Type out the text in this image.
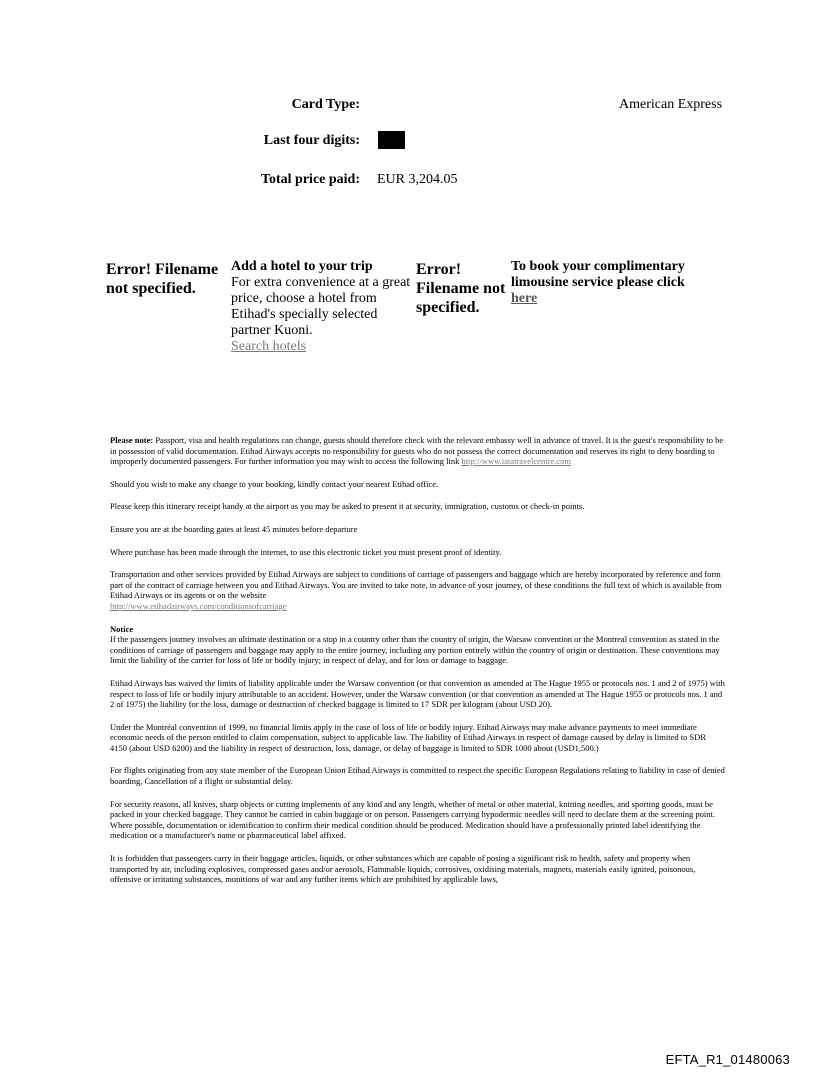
Card Type:	American Express
Last four digits:
Total price paid: EUR 3,204.05
Error! Filename not specified.
Add a hotel to your trip
For extra convenience at a great price, choose a hotel from Etihad's specially selected partner Kuoni.
Search hotels
Error! Filename not specified.
To book your complimentary limousine service please click here

Please note: Passport, visa and health regulations can change, guests should therefore check with the relevant embassy well in advance of travel. It is the guest's responsibility to be in possession of valid documentation. Etihad Airways accepts no responsibility for guests who do not possess the correct documentation and reserves its right to deny boarding to improperly documented passengers. For further information you may wish to access the following link http://www.iatatravelcentre.com

Should you wish to make any change to your booking, kindly contact your nearest Etihad office.

Please keep this itinerary receipt handy at the airport as you may be asked to present it at security, immigration, customs or check-in points.

Ensure you are at the boarding gates at least 45 minutes before departure

Where purchase has been made through the internet, to use this electronic ticket you must present proof of identity.

Transportation and other services provided by Etihad Airways are subject to conditions of carriage of passengers and baggage which are hereby incorporated by reference and form part of the contract of carriage between you and Etihad Airways. You are invited to take note, in advance of your journey, of these conditions the full text of which is available from Etihad Airways or its agents or on the website
http://www.etihadairways.com/conditionsofcarriage

Notice
If the passengers journey involves an ultimate destination or a stop in a country other than the country of origin, the Warsaw convention or the Montreal convention as stated in the conditions of carriage of passengers and baggage may apply to the entire journey, including any portion entirely within the country of origin or destination. These conventions may limit the liability of the carrier for loss of life or bodily injury; in respect of delay, and for loss or damage to baggage.

Etihad Airways has waived the limits of liability applicable under the Warsaw convention (or that convention as amended at The Hague 1955 or protocols nos. 1 and 2 of 1975) with respect to loss of life or bodily injury attributable to an accident. However, under the Warsaw convention (or that convention as amended at The Hague 1955 or protocols nos. 1 and 2 of 1975) the liability for the loss, damage or destruction of checked baggage is limited to 17 SDR per kilogram (about USD 20).

Under the Montréal convention of 1999, no financial limits apply in the case of loss of life or bodily injury. Etihad Airways may make advance payments to meet immediate economic needs of the person entitled to claim compensation, subject to applicable law. The liability of Etihad Airways in respect of damage caused by delay is limited to SDR 4150 (about USD 6200) and the liability in respect of destruction, loss, damage, or delay of baggage is limited to SDR 1000 about (USD1,500.)

For flights originating from any state member of the European Union Etihad Airways is committed to respect the specific European Regulations relating to liability in case of denied boarding, Cancellation of a flight or substantial delay.

For security reasons, all knives, sharp objects or cutting implements of any kind and any length, whether of metal or other material, knitting needles, and sporting goods, must be packed in your checked baggage. They cannot be carried in cabin baggage or on person. Passengers carrying hypodermic needles will need to declare them at the screening point. Where possible, documentation or identification to confirm their medical condition should be produced. Medication should have a professionally printed label identifying the medication or a manufacturer's name or pharmaceutical label affixed.

It is forbidden that passengers carry in their baggage articles, liquids, or other substances which are capable of posing a significant risk to health, safety and property when transported by air, including explosives, compressed gases and/or aerosols, Flammable liquids, corrosives, oxidising materials, magnets, materials easily ignited, poisonous, offensive or irritating substances, munitions of war and any further items which are prohibited by applicable laws,

EFTA_R1_01480063
